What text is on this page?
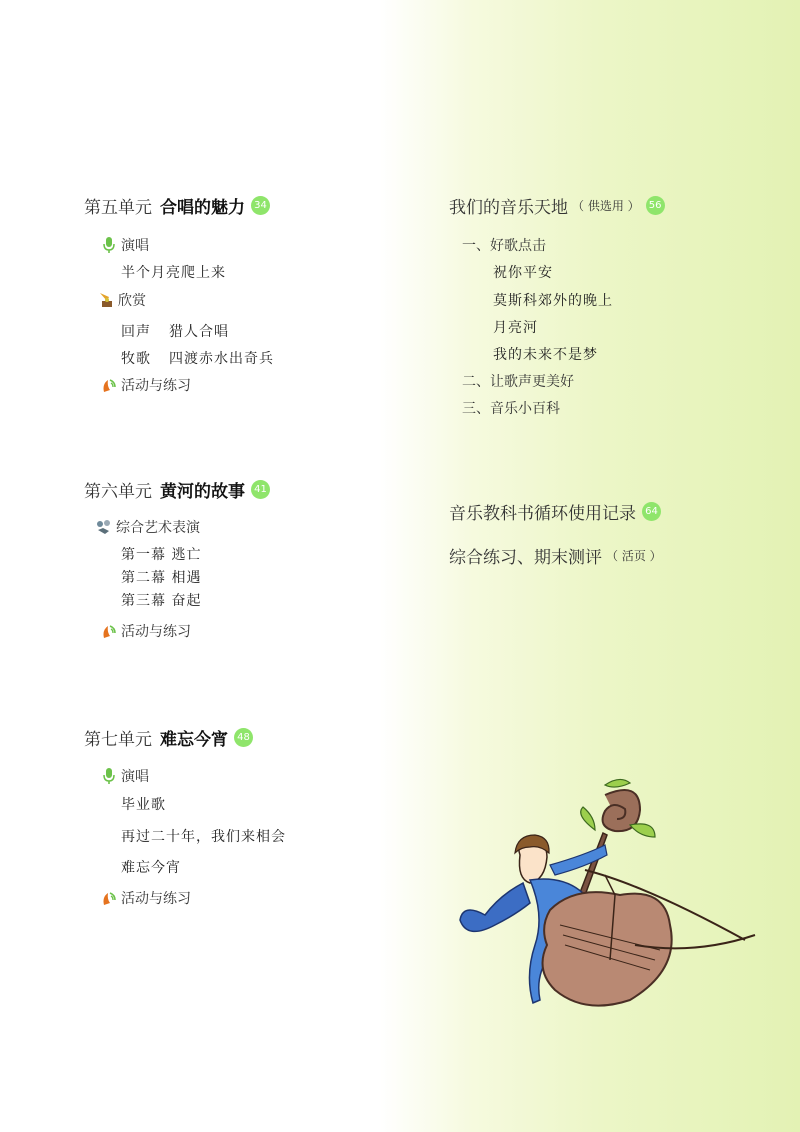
第五单元 合唱的魅力 34
演唱
半个月亮爬上来
欣赏
回声 猎人合唱
牧歌 四渡赤水出奇兵
活动与练习
第六单元 黄河的故事 41
综合艺术表演
第一幕 逃亡
第二幕 相遇
第三幕 奋起
活动与练习
第七单元 难忘今宵 48
演唱
毕业歌
再过二十年，我们来相会
难忘今宵
活动与练习
我们的音乐天地 （ 供选用 ） 56
一、好歌点击
祝你平安
莫斯科郊外的晚上
月亮河
我的未来不是梦
二、让歌声更美好
三、音乐小百科
音乐教科书循环使用记录 64
综合练习、期末测评 （ 活页 ）
